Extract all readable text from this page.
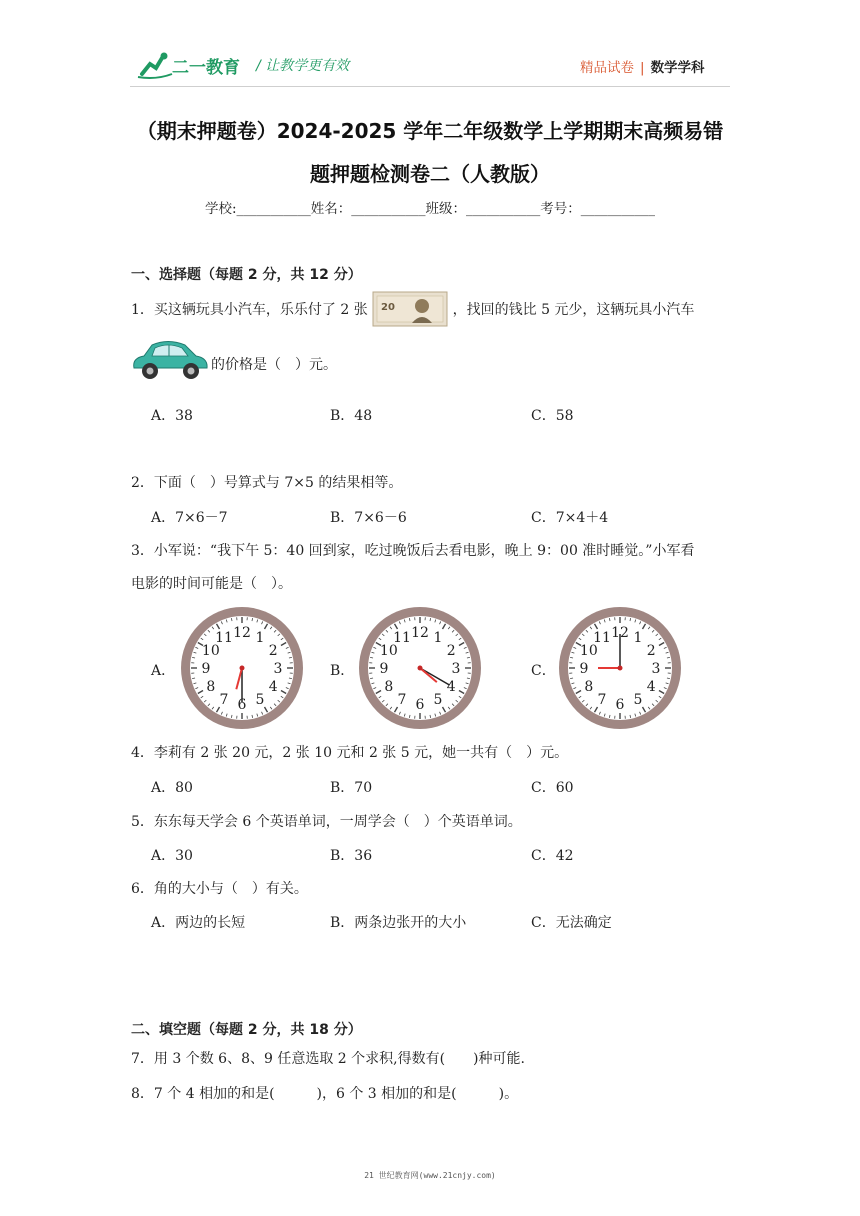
二一教育 / 让教学更有效	精品试卷 | 数学学科
（期末押题卷）2024-2025 学年二年级数学上学期期末高频易错
题押题检测卷二（人教版）
学校:___________姓名：___________班级：___________考号：___________
一、选择题（每题 2 分，共 12 分）
1．买这辆玩具小汽车，乐乐付了 2 张 20	，找回的钱比 5 元少，这辆玩具小汽车
的价格是（　）元。
A．38	B．48	C．58
2．下面（　）号算式与 7×5 的结果相等。
A．7×6－7	B．7×6－6	C．7×4＋4
3．小军说：“我下午 5：40 回到家，吃过晚饭后去看电影，晚上 9：00 准时睡觉。”小军看
电影的时间可能是（　）。
A．	B．	C．
12 1
2
3
4
5
6
7
8
9
10
11	12 1
2
3
4
5
6
7
8
9
10
11	12 1
2
3
4
5
6
7
8
9
10
11
4．李莉有 2 张 20 元，2 张 10 元和 2 张 5 元，她一共有（　）元。
A．80	B．70	C．60
5．东东每天学会 6 个英语单词，一周学会（　）个英语单词。
A．30	B．36	C．42
6．角的大小与（　）有关。
A．两边的长短	B．两条边张开的大小	C．无法确定
二、填空题（每题 2 分，共 18 分）
7．用 3 个数 6、8、9 任意选取 2 个求积,得数有(　　)种可能.
8．7 个 4 相加的和是(　　　)，6 个 3 相加的和是(　　　)。
21 世纪教育网(www.21cnjy.com)
